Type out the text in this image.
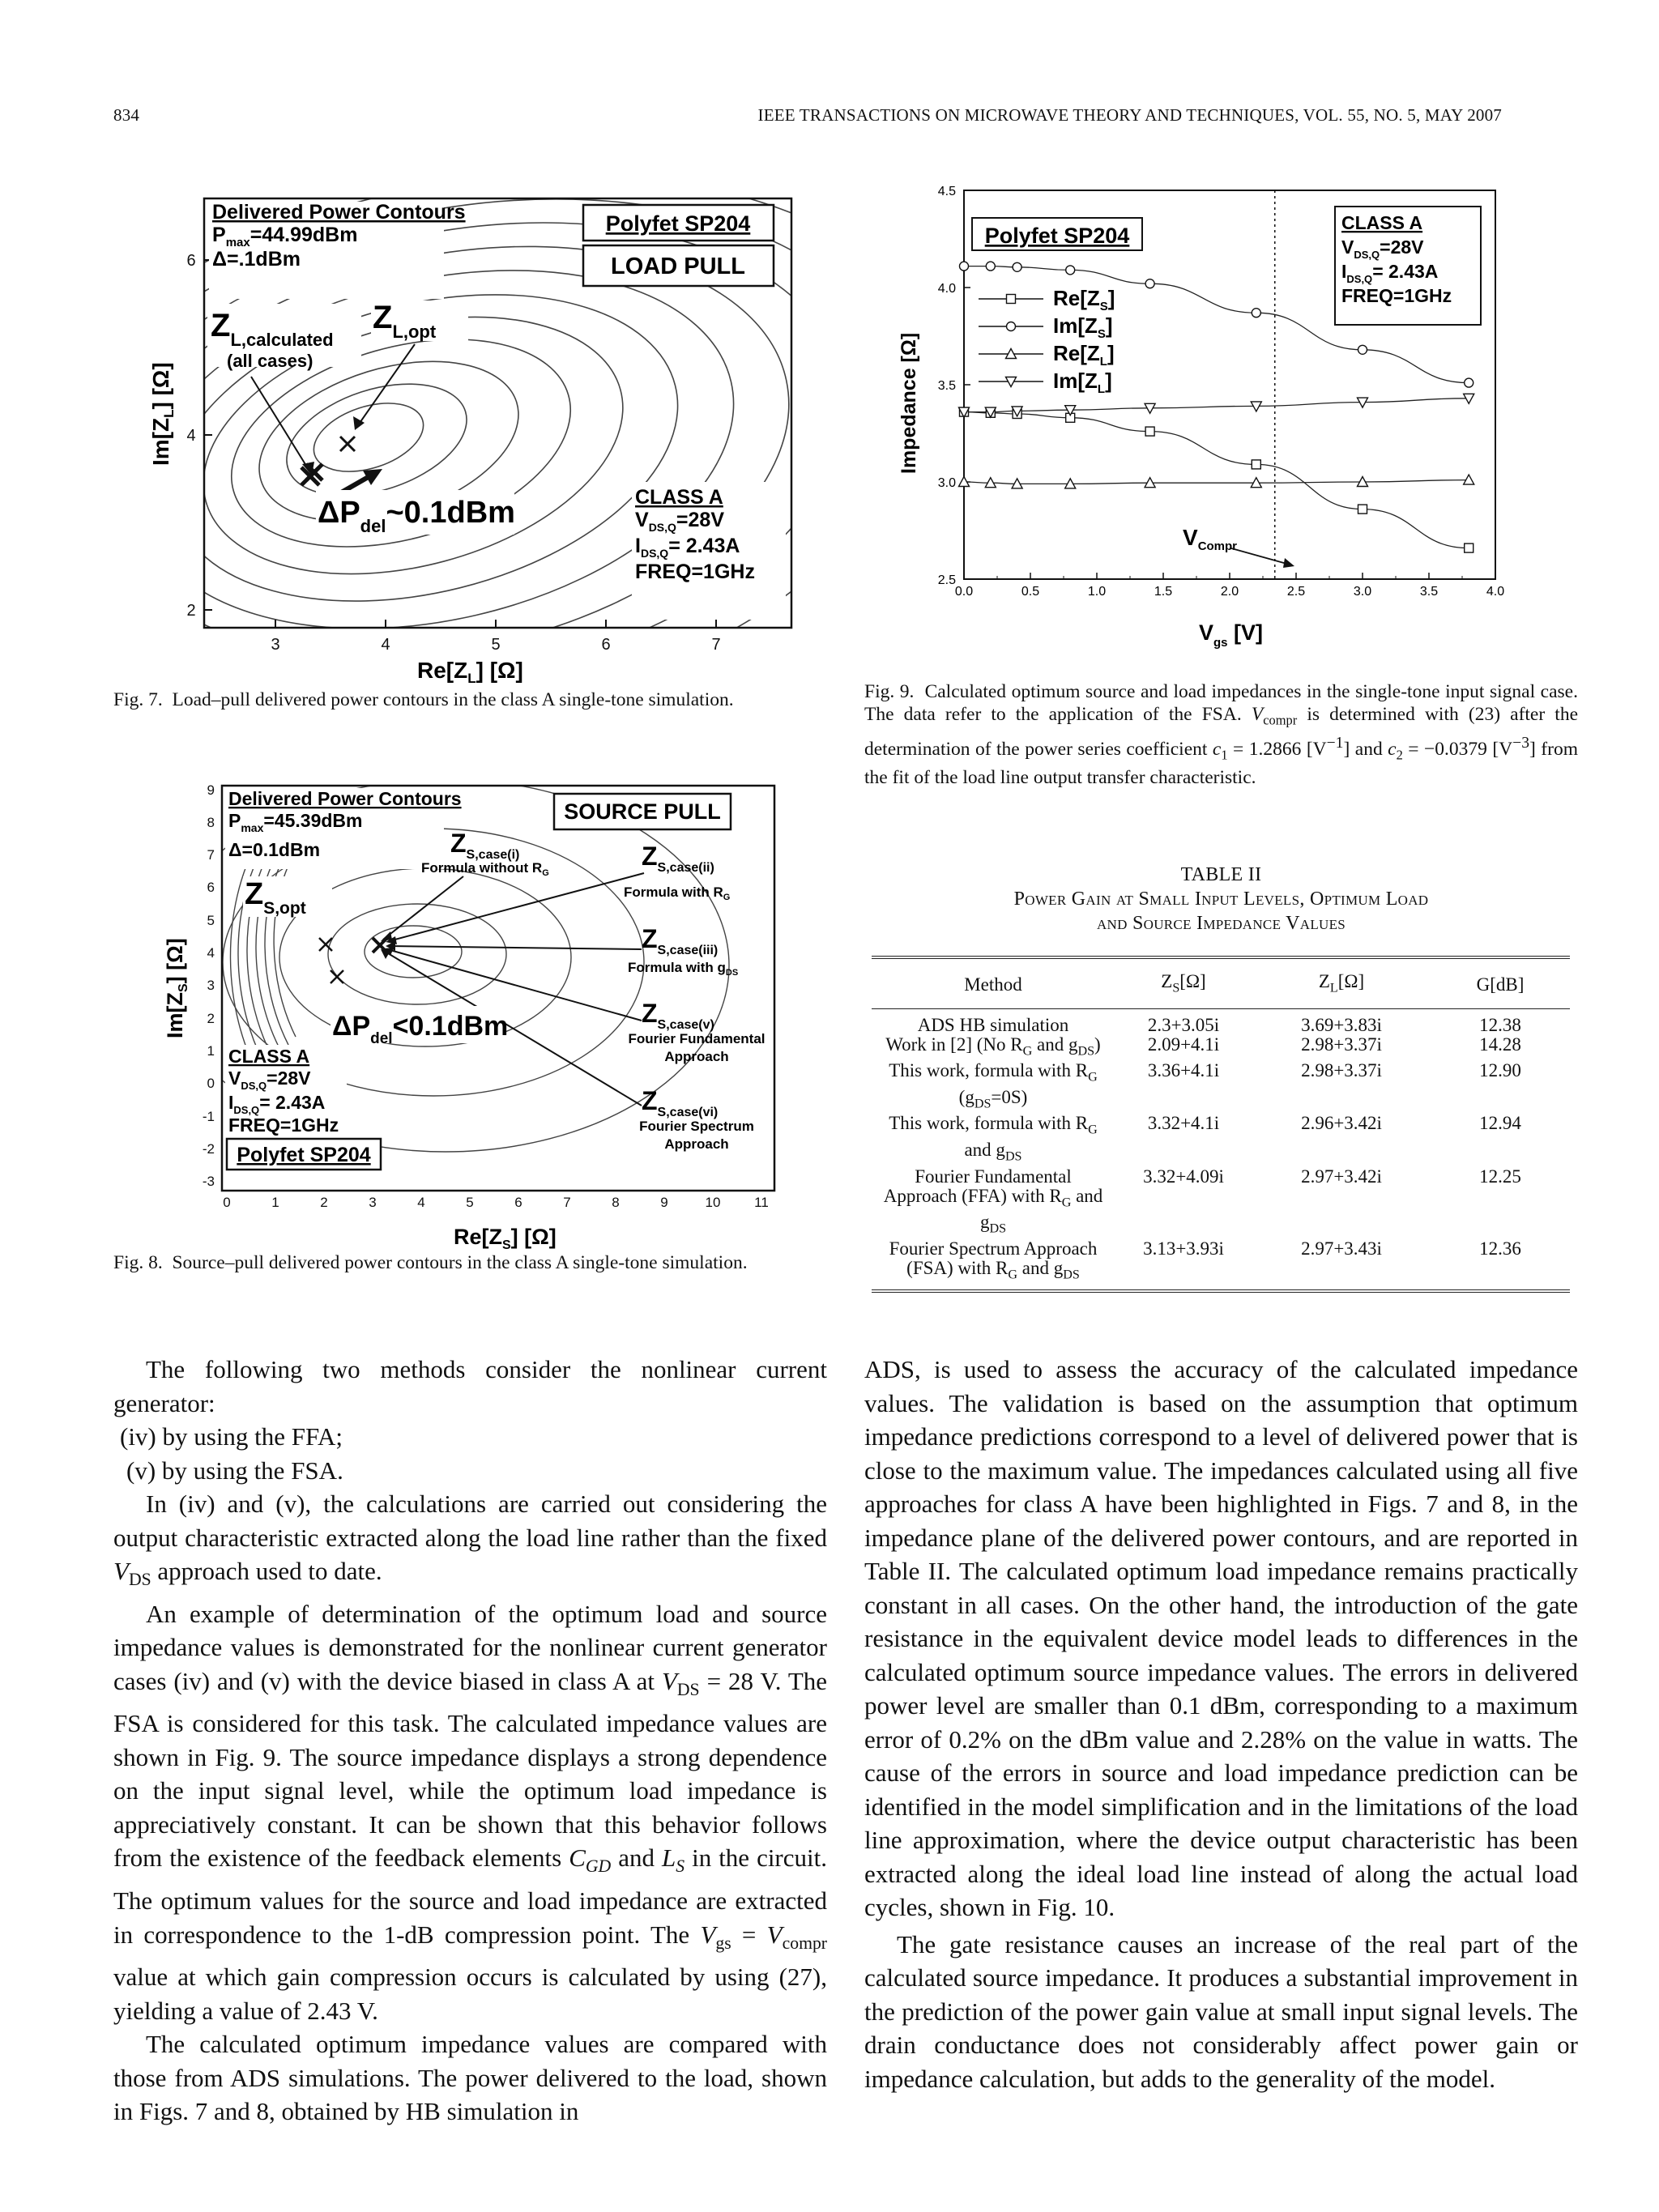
834	IEEE TRANSACTIONS ON MICROWAVE THEORY AND TECHNIQUES, VOL. 55, NO. 5, MAY 2007
3	4	5	6	7
2
4
6
$Re[Z_L]$ [Ω]
$Im[Z_L]$ [Ω]
Delivered Power Contours
$P_{max}=44.99dBm$
Δ=.1dBm
Polyfet SP204
LOAD PULL
$Z_{L,calculated}$
(all cases)
$Z_{L,opt}$
$\Delta P_{del}\sim 0.1dBm$	CLASS A
$V_{DS,Q}=28V$
$I_{DS,Q}= 2.43A$
FREQ=1GHz
Fig. 7. Load–pull delivered power contours in the class A single-tone simulation.
0	1	2	3	4	5	6	7	8	9	10 11
-3
-2
-1
0
1
2
3
4
5
6
7
8
9
$Re[Z_S]$ [Ω]
$Im[Z_S]$ [Ω]
Delivered Power Contours
$P_{max}=45.39dBm$
Δ=0.1dBm
SOURCE PULL
$Z_{S,opt}$
$Z_{S,case(i)}$
Formula without $R_G$
$Z_{S,case(ii)}$
Formula with $R_G$
$Z_{S,case(iii)}$
Formula with $g_{DS}$
$Z_{S,case(v)}$
Fourier Fundamental
Approach
$Z_{S,case(vi)}$
Fourier Spectrum
Approach
$\Delta P_{del}<0.1dBm$
CLASS A
$V_{DS,Q}=28V$
$I_{DS,Q}= 2.43A$
FREQ=1GHz
Polyfet SP204
Fig. 8. Source–pull delivered power contours in the class A single-tone simulation.
0.0	0.5	1.0	1.5	2.0	2.5	3.0	3.5	4.0
2.5
3.0
3.5
4.0
4.5
Polyfet SP204
CLASS A
$V_{DS,Q}=28V$
$I_{DS,Q}= 2.43A$
FREQ=1GHz
$Re[Z_S]$
$Im[Z_S]$
$Re[Z_L]$
$Im[Z_L]$
$V_{Compr}$
$V_{gs}$ [V]
Impedance [Ω]
Fig. 9. Calculated optimum source and load impedances in the single-tone input signal case. The data refer to the application of the FSA. $V_{compr}$ is determined with (23) after the determination of the power series coefficient $c_1 = 1.2866$ $[V^{-1}]$ and $c_2 = -0.0379$ $[V^{-3}]$ from the fit of the load line output transfer characteristic.
TABLE II
Power Gain at Small Input Levels, Optimum Load
and Source Impedance Values
Method	$Z_S[\Omega]$	$Z_L[\Omega]$	G[dB]
ADS HB simulation	2.3+3.05i	3.69+3.83i	12.38
Work in [2] (No $R_G$ and $g_{DS}$)	2.09+4.1i	2.98+3.37i	14.28
This work, formula with $R_G$
$(g_{DS}=0S)$	3.36+4.1i	2.98+3.37i	12.90
This work, formula with $R_G$
and $g_{DS}$	3.32+4.1i	2.96+3.42i	12.94
Fourier Fundamental
Approach (FFA) with $R_G$ and
$g_{DS}$	3.32+4.09i	2.97+3.42i	12.25
Fourier Spectrum Approach
(FSA) with $R_G$ and $g_{DS}$	3.13+3.93i	2.97+3.43i	12.36

The following two methods consider the nonlinear current generator:

(iv) by using the FFA;

(v) by using the FSA.

In (iv) and (v), the calculations are carried out considering the output characteristic extracted along the load line rather than the fixed $V_{DS}$ approach used to date.

An example of determination of the optimum load and source impedance values is demonstrated for the nonlinear current generator cases (iv) and (v) with the device biased in class A at $V_{DS} = 28$ V. The FSA is considered for this task. The calculated impedance values are shown in Fig. 9. The source impedance displays a strong dependence on the input signal level, while the optimum load impedance is appreciatively constant. It can be shown that this behavior follows from the existence of the feedback elements $C_{GD}$ and $L_S$ in the circuit. The optimum values for the source and load impedance are extracted in correspondence to the 1-dB compression point. The $V_{gs} = V_{compr}$ value at which gain compression occurs is calculated by using (27), yielding a value of 2.43 V.

The calculated optimum impedance values are compared with those from ADS simulations. The power delivered to the load, shown in Figs. 7 and 8, obtained by HB simulation in

ADS, is used to assess the accuracy of the calculated impedance values. The validation is based on the assumption that optimum impedance predictions correspond to a level of delivered power that is close to the maximum value. The impedances calculated using all five approaches for class A have been highlighted in Figs. 7 and 8, in the impedance plane of the delivered power contours, and are reported in Table II. The calculated optimum load impedance remains practically constant in all cases. On the other hand, the introduction of the gate resistance in the equivalent device model leads to differences in the calculated optimum source impedance values. The errors in delivered power level are smaller than 0.1 dBm, corresponding to a maximum error of 0.2% on the dBm value and 2.28% on the value in watts. The cause of the errors in source and load impedance prediction can be identified in the model simplification and in the limitations of the load line approximation, where the device output characteristic has been extracted along the ideal load line instead of along the actual load cycles, shown in Fig. 10.

The gate resistance causes an increase of the real part of the calculated source impedance. It produces a substantial improvement in the prediction of the power gain value at small input signal levels. The drain conductance does not considerably affect power gain or impedance calculation, but adds to the generality of the model.
